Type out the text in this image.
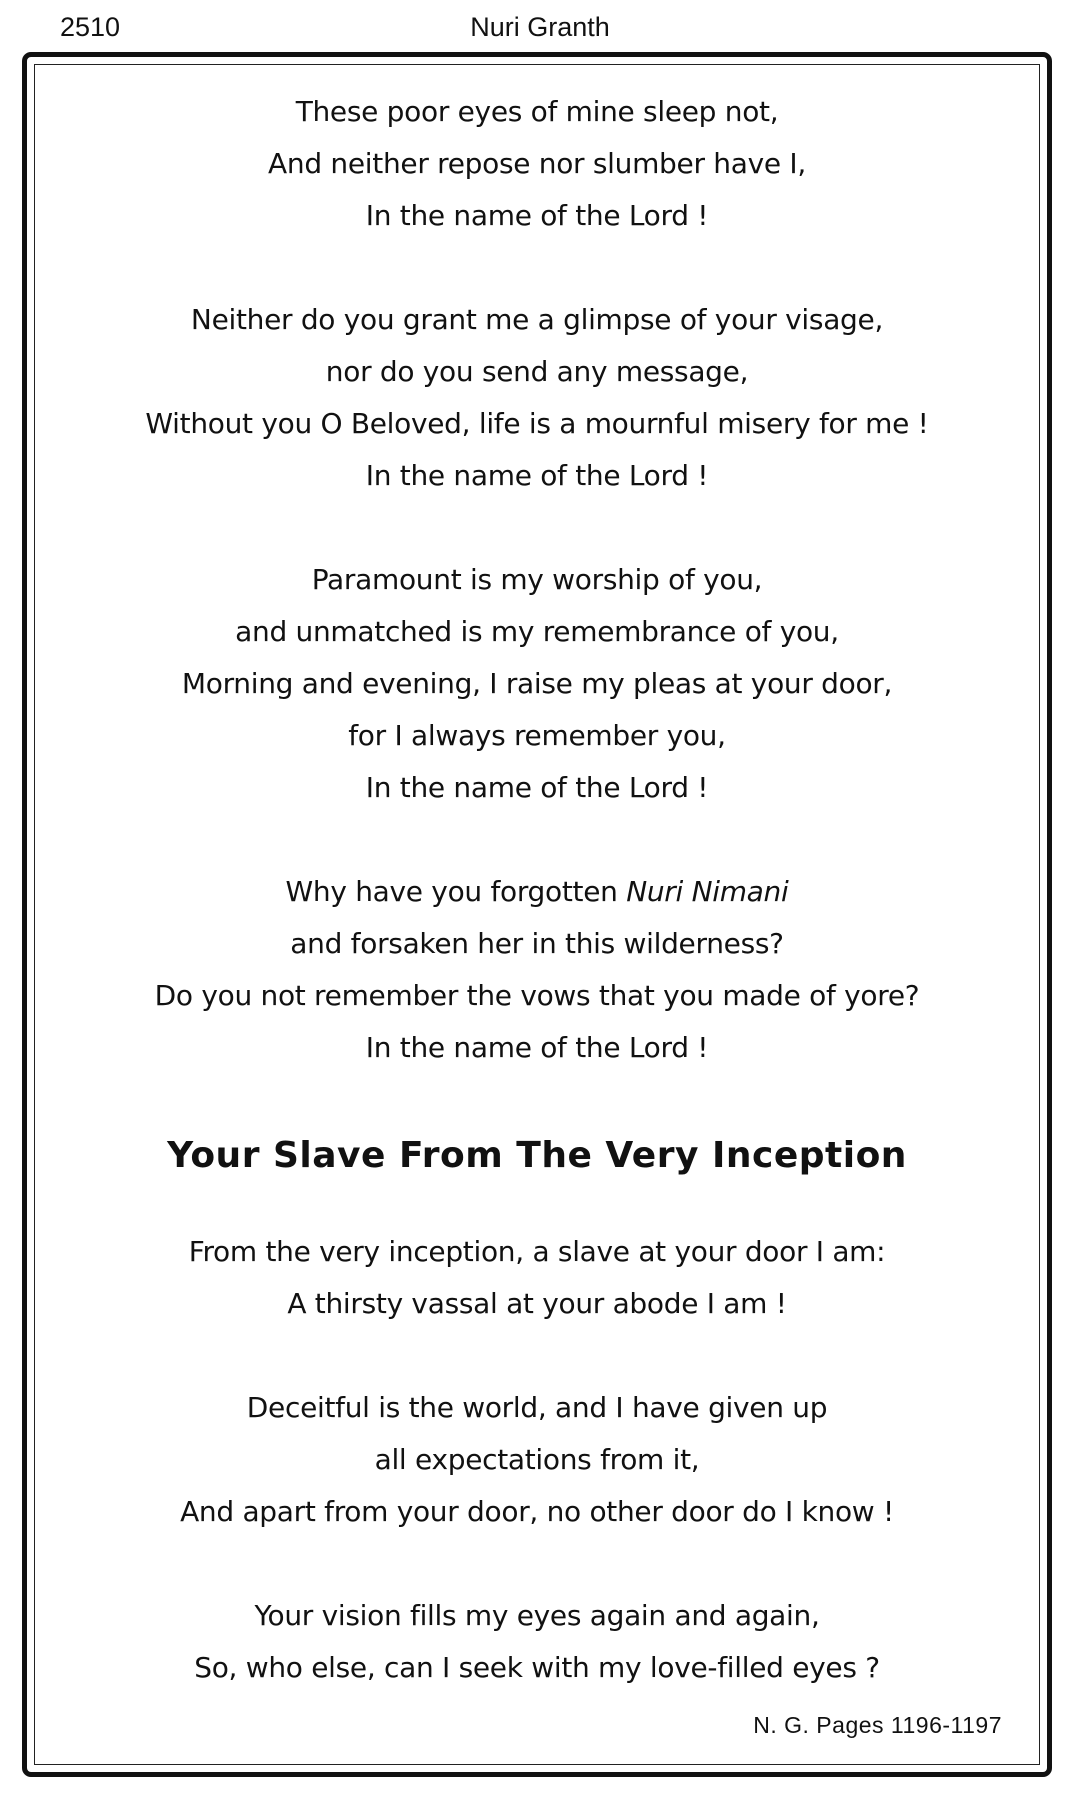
2510	Nuri Granth
These poor eyes of mine sleep not,
And neither repose nor slumber have I,
In the name of the Lord !
Neither do you grant me a glimpse of your visage,
nor do you send any message,
Without you O Beloved, life is a mournful misery for me !
In the name of the Lord !
Paramount is my worship of you,
and unmatched is my remembrance of you,
Morning and evening, I raise my pleas at your door,
for I always remember you,
In the name of the Lord !
Why have you forgotten Nuri Nimani
and forsaken her in this wilderness?
Do you not remember the vows that you made of yore?
In the name of the Lord !
Your Slave From The Very Inception
From the very inception, a slave at your door I am:
A thirsty vassal at your abode I am !
Deceitful is the world, and I have given up
all expectations from it,
And apart from your door, no other door do I know !
Your vision fills my eyes again and again,
So, who else, can I seek with my love-filled eyes ?
N. G. Pages 1196-1197
